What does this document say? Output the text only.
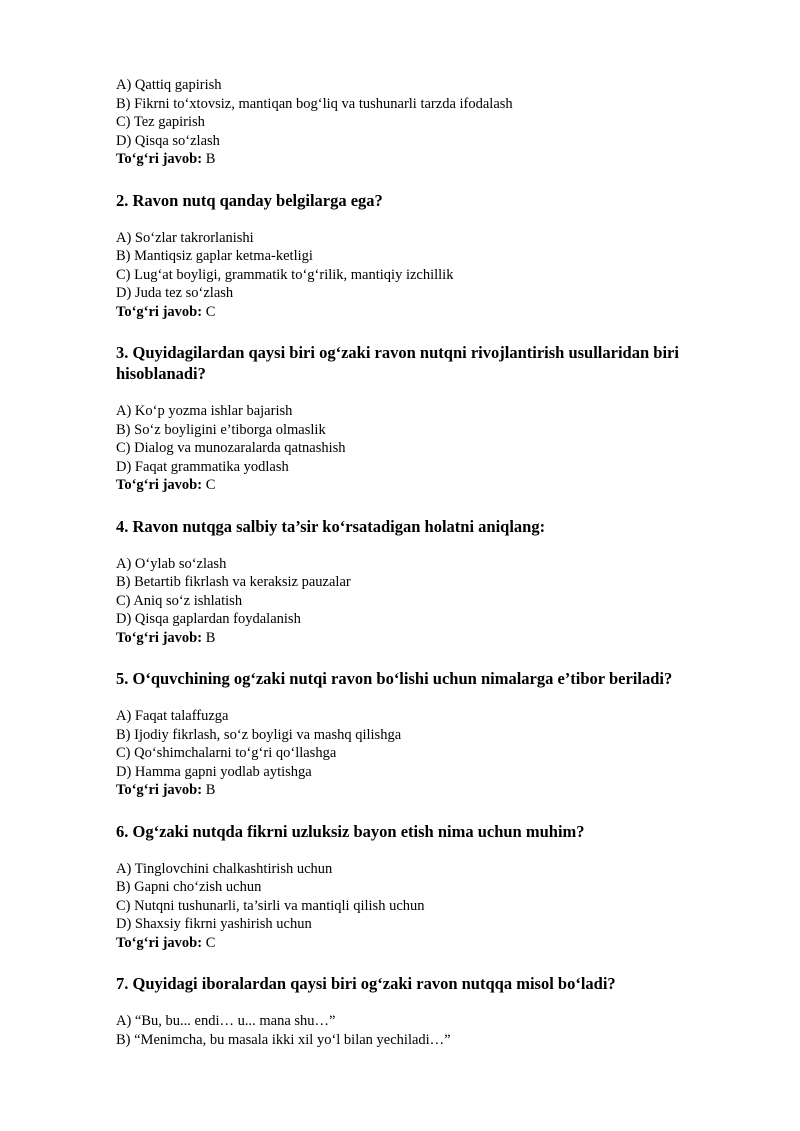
A) Qattiq gapirish

B) Fikrni to‘xtovsiz, mantiqan bog‘liq va tushunarli tarzda ifodalash

C) Tez gapirish

D) Qisqa so‘zlash

To‘g‘ri javob: B

2. Ravon nutq qanday belgilarga ega?

A) So‘zlar takrorlanishi

B) Mantiqsiz gaplar ketma-ketligi

C) Lug‘at boyligi, grammatik to‘g‘rilik, mantiqiy izchillik

D) Juda tez so‘zlash

To‘g‘ri javob: C

3. Quyidagilardan qaysi biri og‘zaki ravon nutqni rivojlantirish usullaridan biri hisoblanadi?

A) Ko‘p yozma ishlar bajarish

B) So‘z boyligini e’tiborga olmaslik

C) Dialog va munozaralarda qatnashish

D) Faqat grammatika yodlash

To‘g‘ri javob: C

4. Ravon nutqga salbiy ta’sir ko‘rsatadigan holatni aniqlang:

A) O‘ylab so‘zlash

B) Betartib fikrlash va keraksiz pauzalar

C) Aniq so‘z ishlatish

D) Qisqa gaplardan foydalanish

To‘g‘ri javob: B

5. O‘quvchining og‘zaki nutqi ravon bo‘lishi uchun nimalarga e’tibor beriladi?

A) Faqat talaffuzga

B) Ijodiy fikrlash, so‘z boyligi va mashq qilishga

C) Qo‘shimchalarni to‘g‘ri qo‘llashga

D) Hamma gapni yodlab aytishga

To‘g‘ri javob: B

6. Og‘zaki nutqda fikrni uzluksiz bayon etish nima uchun muhim?

A) Tinglovchini chalkashtirish uchun

B) Gapni cho‘zish uchun

C) Nutqni tushunarli, ta’sirli va mantiqli qilish uchun

D) Shaxsiy fikrni yashirish uchun

To‘g‘ri javob: C

7. Quyidagi iboralardan qaysi biri og‘zaki ravon nutqqa misol bo‘ladi?

A) “Bu, bu... endi… u... mana shu…”

B) “Menimcha, bu masala ikki xil yo‘l bilan yechiladi…”
